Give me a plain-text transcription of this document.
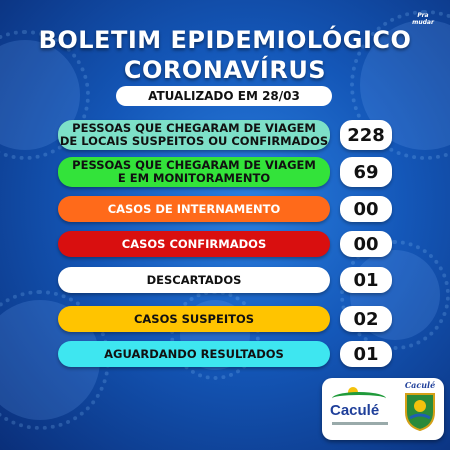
Pra mudar
BOLETIM EPIDEMIOLÓGICO
CORONAVÍRUS
ATUALIZADO EM 28/03
PESSOAS QUE CHEGARAM DE VIAGEM
DE LOCAIS SUSPEITOS OU CONFIRMADOS	228
PESSOAS QUE CHEGARAM DE VIAGEM
E EM MONITORAMENTO	69
CASOS DE INTERNAMENTO	00
CASOS CONFIRMADOS	00
DESCARTADOS	01
CASOS SUSPEITOS	02
AGUARDANDO RESULTADOS	01
Caculé
Caculé
